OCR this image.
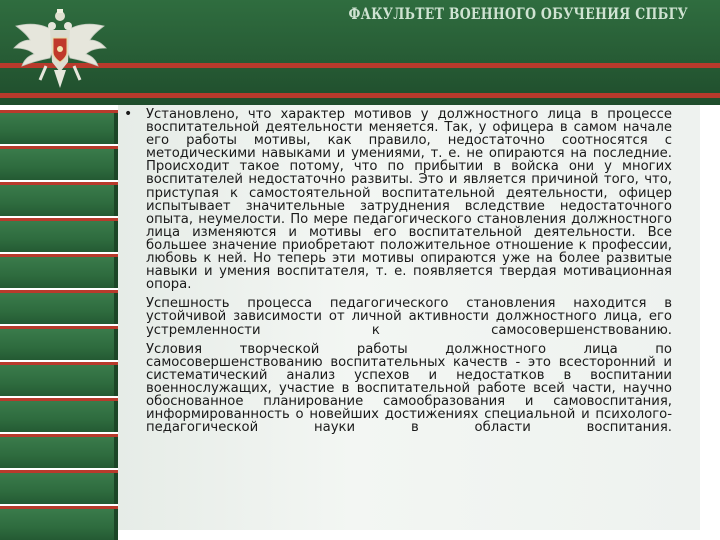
ФАКУЛЬТЕТ ВОЕННОГО ОБУЧЕНИЯ СПБГУ
• Установлено, что характер мотивов у должностного лица в процессе воспитательной деятельности меняется. Так, у офицера в самом начале его работы мотивы, как правило, недостаточно соотносятся с методическими навыками и умениями, т. е. не опираются на последние. Происходит такое потому, что по прибытии в войска они у многих воспитателей недостаточно развиты. Это и является причиной того, что, приступая к самостоятельной воспитательной деятельности, офицер испытывает значительные затруднения вследствие недостаточного опыта, неумелости. По мере педагогического становления должностного лица изменяются и мотивы его воспитательной деятельности. Все большее значение приобретают положительное отношение к профессии, любовь к ней. Но теперь эти мотивы опираются уже на более развитые навыки и умения воспитателя, т. е. появляется твердая мотивационная опора.

Успешность процесса педагогического становления находится в устойчивой зависимости от личной активности должностного лица, его устремленности к самосовершенствованию.

Условия творческой работы должностного лица по самосовершенствованию воспитательных качеств - это всесторонний и систематический анализ успехов и недостатков в воспитании военнослужащих, участие в воспитательной работе всей части, научно обоснованное планирование самообразования и самовоспитания, информированность о новейших достижениях специальной и психолого-педагогической науки в области воспитания.
